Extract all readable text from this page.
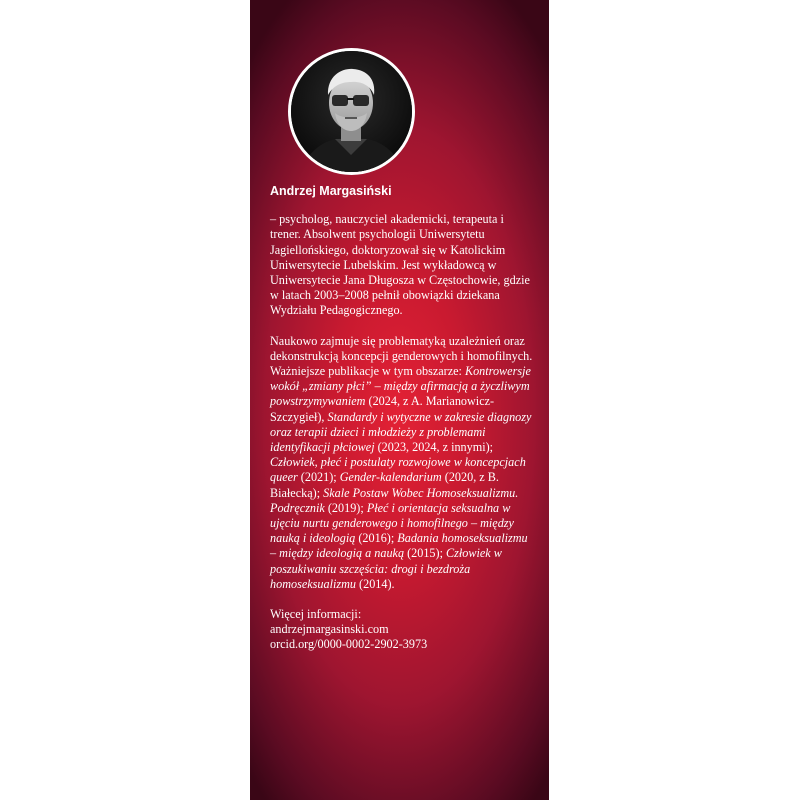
Andrzej Margasiński

– psycholog, nauczyciel akademicki, terapeuta i trener. Absolwent psychologii Uniwersytetu Jagiellońskiego, doktoryzował się w Katolickim Uniwersytecie Lubelskim. Jest wykładowcą w Uniwersytecie Jana Długosza w Częstochowie, gdzie w latach 2003–2008 pełnił obowiązki dziekana Wydziału Pedagogicznego.

Naukowo zajmuje się problematyką uzależnień oraz dekonstrukcją koncepcji genderowych i homofilnych. Ważniejsze publikacje w tym obszarze: Kontrowersje wokół „zmiany płci” – między afirmacją a życzliwym powstrzymywaniem (2024, z A. Marianowicz-Szczygieł), Standardy i wytyczne w zakresie diagnozy oraz terapii dzieci i młodzieży z problemami identyfikacji płciowej (2023, 2024, z innymi); Człowiek, płeć i postulaty rozwojowe w koncepcjach queer (2021); Gender-kalendarium (2020, z B. Białecką); Skale Postaw Wobec Homoseksualizmu. Podręcznik (2019); Płeć i orientacja seksualna w ujęciu nurtu genderowego i homofilnego – między nauką i ideologią (2016); Badania homoseksualizmu – między ideologią a nauką (2015); Człowiek w poszukiwaniu szczęścia: drogi i bezdroża homoseksualizmu (2014).

Więcej informacji:

andrzejmargasinski.com

orcid.org/0000-0002-2902-3973
